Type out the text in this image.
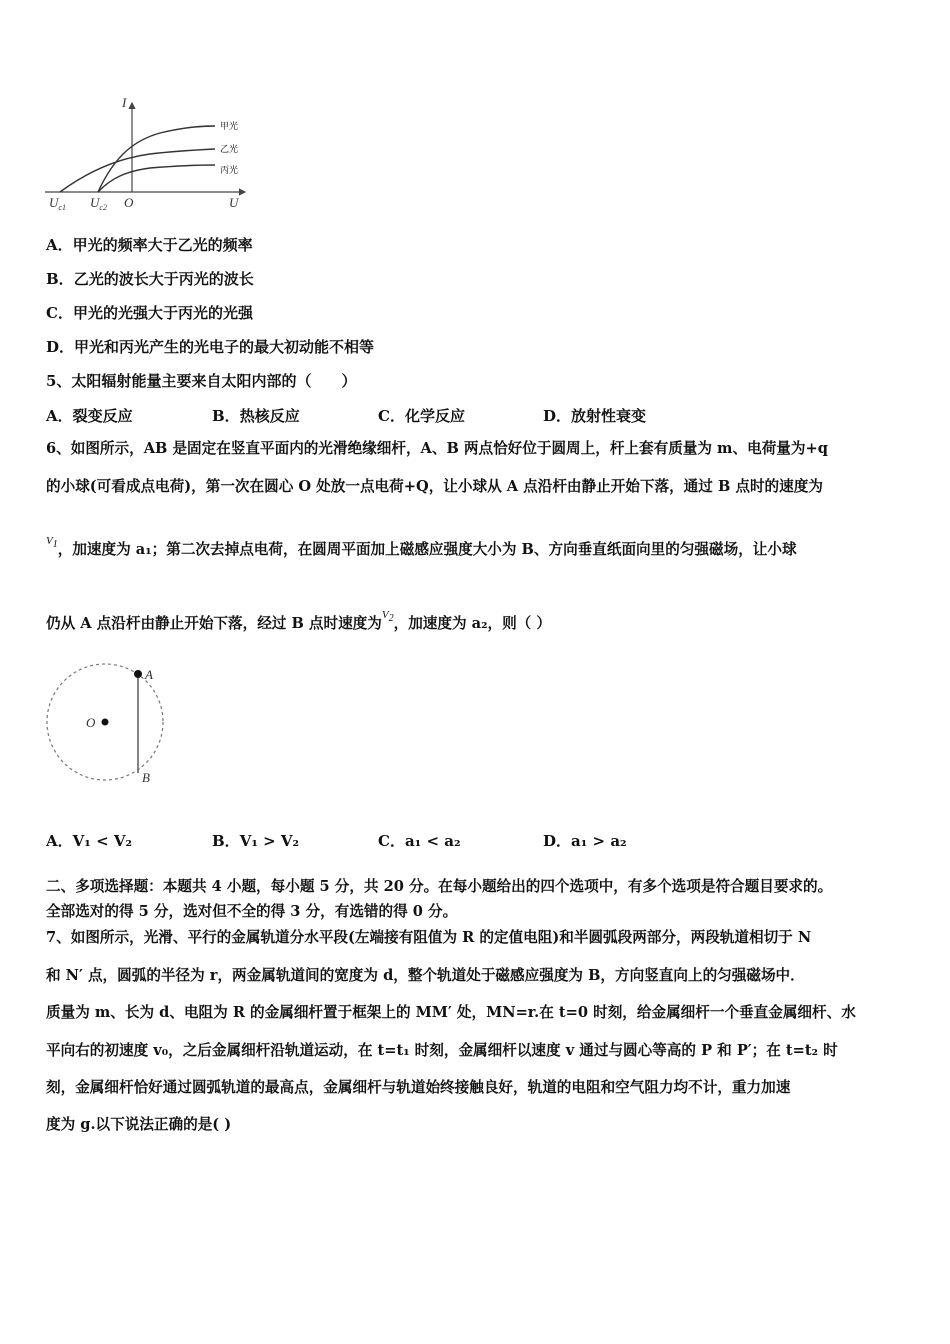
I
U
O
$U_{c1}$ $U_{c2}$
甲光
乙光
丙光
A．甲光的频率大于乙光的频率
B．乙光的波长大于丙光的波长
C．甲光的光强大于丙光的光强
D．甲光和丙光产生的光电子的最大初动能不相等
5、太阳辐射能量主要来自太阳内部的（　　）
A．裂变反应	B．热核反应	C．化学反应	D．放射性衰变
6、如图所示，AB 是固定在竖直平面内的光滑绝缘细杆，A、B 两点恰好位于圆周上，杆上套有质量为 m、电荷量为+q
的小球(可看成点电荷)，第一次在圆心 O 处放一点电荷+Q，让小球从 A 点沿杆由静止开始下落，通过 B 点时的速度为
$^{V_1}$，加速度为 a₁；第二次去掉点电荷，在圆周平面加上磁感应强度大小为 B、方向垂直纸面向里的匀强磁场，让小球
仍从 A 点沿杆由静止开始下落，经过 B 点时速度为$^{V_2}$，加速度为 a₂，则（ ）
O
A
B
A．V₁ < V₂	B．V₁ > V₂	C．a₁ < a₂	D．a₁ > a₂
二、多项选择题：本题共 4 小题，每小题 5 分，共 20 分。在每小题给出的四个选项中，有多个选项是符合题目要求的。
全部选对的得 5 分，选对但不全的得 3 分，有选错的得 0 分。
7、如图所示，光滑、平行的金属轨道分水平段(左端接有阻值为 R 的定值电阻)和半圆弧段两部分，两段轨道相切于 N
和 N′ 点，圆弧的半径为 r，两金属轨道间的宽度为 d，整个轨道处于磁感应强度为 B，方向竖直向上的匀强磁场中．
质量为 m、长为 d、电阻为 R 的金属细杆置于框架上的 MM′ 处，MN=r.在 t=0 时刻，给金属细杆一个垂直金属细杆、水
平向右的初速度 v₀，之后金属细杆沿轨道运动，在 t=t₁ 时刻，金属细杆以速度 v 通过与圆心等高的 P 和 P′；在 t=t₂ 时
刻，金属细杆恰好通过圆弧轨道的最高点，金属细杆与轨道始终接触良好，轨道的电阻和空气阻力均不计，重力加速
度为 g.以下说法正确的是( )
